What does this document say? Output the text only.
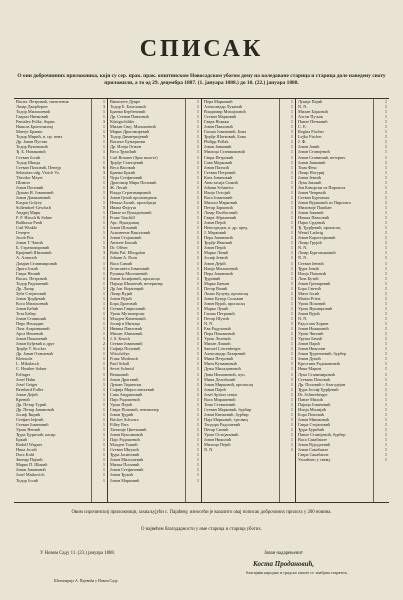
СПИСАК
О они доброчинних приложника, који су сер. прак. прак. општинском Новосадском убогом дому на коледаване старица и старица доле наведену сиоту приложили, а то од 29. децембра 1887. (1. јануара 1888.) до 10. (22.) јануара 1888.
Васил. Петровић, свештеник	1
Лазар Дворберон	3
Тодор Милошевић	1
Гаврил Нинковић	1
Pantaleo Folke, Supan	3
Никола Бронтоконој	1
Матеје Бранко	1
Тодор Мирић, п. пр. пенз.	5
Др. Јован Пустак	1
Тодор Вуконовић	1
Ђ. Б. Новаковић	1
Стеван Јосић	1
Тодор Шкода	1
Стеван Поповић, Пенејр	6
Sebastian udg. Vizich Vo.	3
Theodor Mayer	1
Шимон	1
Јован Поповић	1
Душан И. Јовановић	1
Јован Дамњановић	1
Kaspar Golyey	1
Sollendoel-Geschaft	5
Андреј Мирк	1
F. F. Hirsch & Sohne	1
Balthasar Pardi	1
Carl Winkle	1
Гечертт	1
Jacob Pitz	1
Јован Т. Чапић	1
Б. Стратимировић	5
Крајевић Шиманић	3
А. Алексић	1
Дамјан Станимировић	1
Драга Јокић	1
Гавра Нешић	1
Васил. Петровић	1
Тодор Радишевић	1
Др. Лазар	1
Зуба Стојановић	1
Јован Ђорђевић	1
Коса Милошевић	1
Јован Бабић	1
Тоза Бабер	1
Јован Станишић	1
Перо Нешадин	1
Лаза Агаринковић	1
Арса Нешевић	1
Јован Пажачевић	1
Јован Буђевић и друг	2
Ђорђе Т. Stocker	1
Др. Јован Оташевић	1
Kleinsolz	1
L. Mikulasch	1
C. Heather Sohne	1
Erfinger	1
Josef Hahn	1
Josef Geiger	1
Bernhard Fuller	1
Јован Дејић	1
Кренић	1
Др. Петар Турић	1
Др. Петар Јовановић	1
Јосиф Ћирић	1
Стефан Јефтић	1
Стеван Јовановић	1
Урош Нешић	1
Ђура Ђуричић, касир	1
Бркић	1
Rudolf Wagner	1
Ника Јосић	1
Dora Kohl	1
Звонар Пајчић	1
Марко П. Шикић	1
Јован Јовановић	1
Josef Matkovich	1
Тодор Јосић	1
Вимолете Дукре	1
Тодор Б. Бохеловић	1
Бранко Бербеновић	1
Др. Стеван Павловић	1
Königschilder	1
Милан Свеј. Милошевић	1
Марко Драгомиревић	1
Тодор Димитријевић	1
Васиље Буњеркови	1
Др. Илија Огњен	1
Веса Ђукићић	1
Carl Brauner (Spur mun-ie)	1
Ђорђе Станојевић	1
Веса Васовић	1
Бранко Бркић	1
Чура Стефановић	1
Драгомир Мира Поповић	1
Ж. Лосић	1
Влада Стратимировић	1
Јован Грчић проповедник	1
Нешко Балић, пролођаци	1
Ивана Фајгуш	1
Павле из Вукадиновић	1
Franz Tauchill	1
Арс. Вукадинац	1
Јован Шљивић	1
Асиовенче Ваксиовић	1
Јован Стојаковић	1
Антоне Бошић	1
Dr. Offner	1
Baba Pal, Elbogalon	1
Johann A. Dorn	1
Васа Симић	1
Јелисавета Јовановић	1
Рушица Милошевић	1
Јован Јосифовић, пропасца	1
Пајица Шимонић, ветеринар	1
Др Јов. Војвонцић	1
Лазар Вујић	1
Јован Вујић	1
Бора Драговић	1
Стеван Гавриловић	1
Урош Мутимерски	1
Младен Каменовић	1
Јосиф в Милица	1
Иванка Павловић	1
Милан Аћимовић	1
J. S. Knoch	1
Стеван Јовановић	1
Софија Поповић	1
Wäschöfyn	1
Franz Modrusch	1
Paul Schall	1
Sevet Schmid	1
Вешковић	1
Јован Драговић	1
Душан Тирански	1
Софија Мирослављевић	1
Сава Андрановић	1
Пајо Радошевић	1
Урош Пејић	1
Гавра Поповић, пензионер	1
Јован Ђурић	1
Bricker Schwarz	1
Filley Pars	1
Танасије Цветковић	1
Јован Вуксановић	1
Пајо Радошевић	1
Младен Тошић	1
Стеван Шкулић	1
Ђура Јасиновић	1
Јован Милошевић	1
Милка Поповић	1
Јован Стефановић	1
Јован Ђукић	1
Јован Марковић	1
Пера Марковић	1
Александар Лукачић	1
Владимир Михајловић	1
Стеван Марковић	1
Гавра Новаки	1
Јован Павловић	1
Глиша Јовановић, Бова	1
Ђорђе Шатковић, Бова	1
Philipp Pollak	1
Јован Јанковић	1
Милица Станишковић	1
Гавра Петровић	1
Сава Марковић	1
Јован Палчић	1
Стеван Петровић	1
Ката Јовановић	1
Анастасија Симић	1
Johann Schmeiss	1
Илија Остојић	1
Васа Јовановић	1
Милош Марковић	1
Петар Зарковић	1
Лазар Палбасовић	1
Гавра Абрашевић	1
Јован Пејић	1
Непосредан, в. др. пред.	1
Ј. Марковић	1
Пера Јовановић	1
Ђорђе Ивковић	1
Јован Пејић	1
Марко Лачић	1
Јосиф Јевтић	1
Јован Дејић	1
Илија Милошевић	1
Пера Јовановић	1
Ђуривић	1
Марко Бањин	1
Петар Вачић	1
Лалко Кулуну, пропасац	1
Јанко Кунур Сильвин	1
Јован Вујић, пропасац	1
Марко Лукић	1
Глиша Петровић	1
Петар Шутић	1
N. N.	1
Ева Радуловић	1
Пера Пешаковић	1
Урош Лелевић	1
Милан Лишић	1
Samuel Löwenberger	1
Александар Лазаревић	1
Мина Петровић	1
Мита Кузмановић	1
Дуња Миладиновић	1
Дана Нишановић, пуп.	1
Мина Делибалић	1
Јован Мирковић, пропасац	1
Јован Пајић	1
Josef Spitzer senior	1
Васа Мирашевић	1
Тома Стевановић	1
Стеван Марковић, бурбир	1
Јован Кнежевић, бурбир	1
Паја Марковић, трговац	1
Теодора Радошевић	1
Петар Симић	1
Урош Остојановић	1
Јован Николић	1
Милица Пејић	1
N. N.	1
Лукија Пајић	1
N. N.	1
Милан Бојковић	1
Алгон Пуљак	1
Павле Петковић	1
С. Е.	1
Regina Fischer	1
Lejko Fischer	1
Ј. Ф.	1
Јован Јовић	1
Јован Станојевић	1
Јован Станишић, ветерин.	1
Јован Јанковић	1
Тома Фекс	1
Лазар Нотуриј	1
Јован Јевтић	1
Лука Јакшић	1
Јан Каворски из Пирошта	1
Јован Чепрњић	1
Стеван Бургоњак	1
Јован Вујаковић из Пирошта	1
Миливоје Пашћан	1
Јован Јованић	1
Нешка Павловић	1
Пајко Срдевић	1
Ђ. Ђурђевић, пропасац	1
Wenzl Ladwig	1
Јован Карастојковић	1
Лазар Грујић	1
N. N.	1
Лазар Бургоњаковић	1
N. N.	1
Стеван Јевтић	1
Ђура Јовић	1
Илија Поповић	1
Лаза Кутић	1
Јован Грнчаревић	1
Бора Светић	1
Мита Јосић	1
Martin Priest	1
Урош Поповић	1
Урош Вукмировић	1
Јован Вујић	1
N. N.	1
Радослав Хорват	1
Јован Новаковић	1
Урош Чипчић	1
Уруша Бачић	1
Јован Пајић	1
Јован Николин	1
Јован Ђуренчевић, бурбер	1
Јован Дукић	1
Крестина Радовановић	1
Ника Марин	1
Лука Станимировић	1
Стевана Поповић	1
Др. Поповић г. благодејан	1
Ђура Јосиф Ђурђевић	1
Dr. Schneeberger	1
Павле Михић	1
Пајица Јовановић	1
Илија Милијић	1
Бора Поповић	1
Јован Мишковић	1
Гавра Стојановић	1
Ђура Бурићић	1
Павле Станојевић, бурбер	1
Васа Сакабаиле	1
Јован Вујидоевић	1
Јован Савабаиле	1
Гавра Сакабаиле	1
Уплаћено у свему	1
Овим сирочинскиј приложници, захваљујући с. Пајаћеву, износећи је вазалито овај пописак доброчиних прилога у 200 новина.
О највећем благодарности у име старица и старица убогих.
У Новом Саду 11. (23.) јануара 1888.	Јован надарењенит
Коста Продановић,
благајник народно и градско опште ст. изабран старатељ.
Штампарија А. Пајевића у Новом Саду.
